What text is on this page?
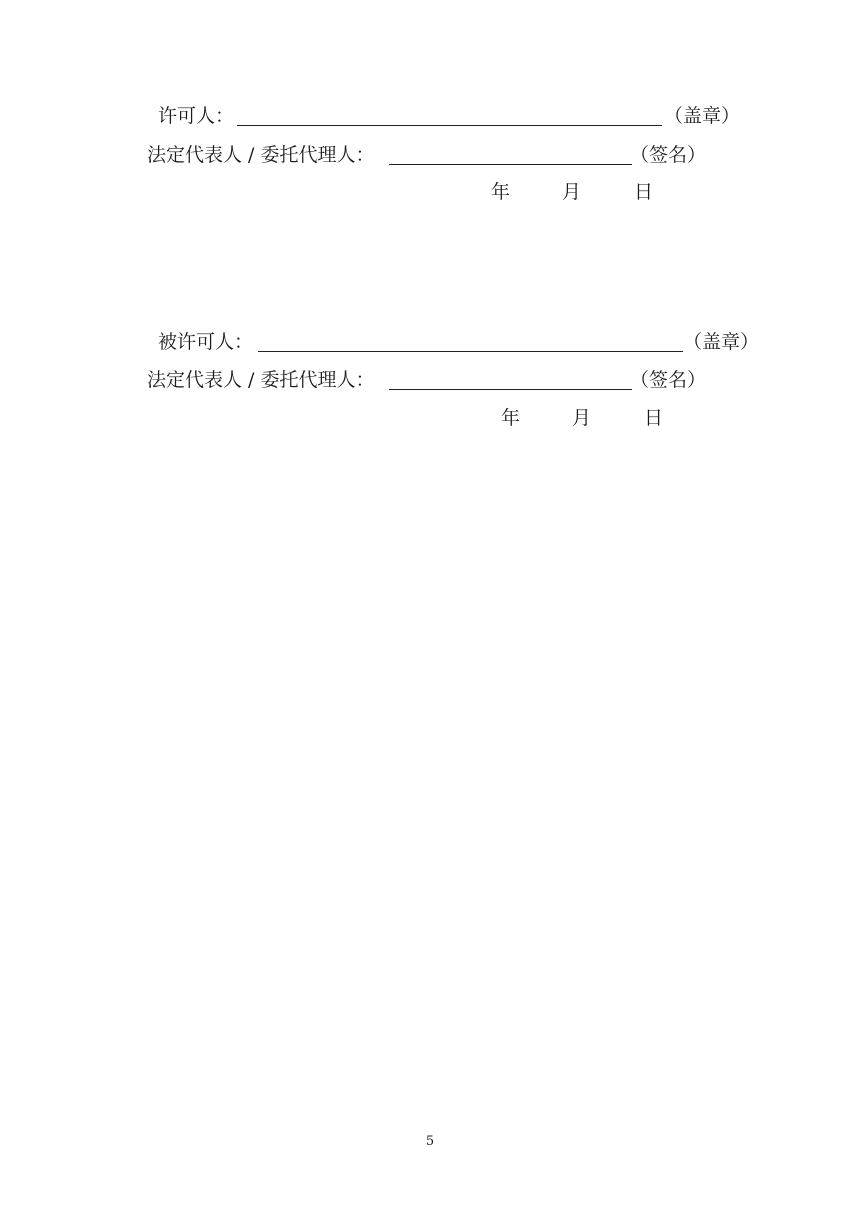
许可人：	（盖章）
法定代表人 / 委托代理人：	（签名）
年	月	日
被许可人：	（盖章）
法定代表人 / 委托代理人：	（签名）
年	月	日
5
